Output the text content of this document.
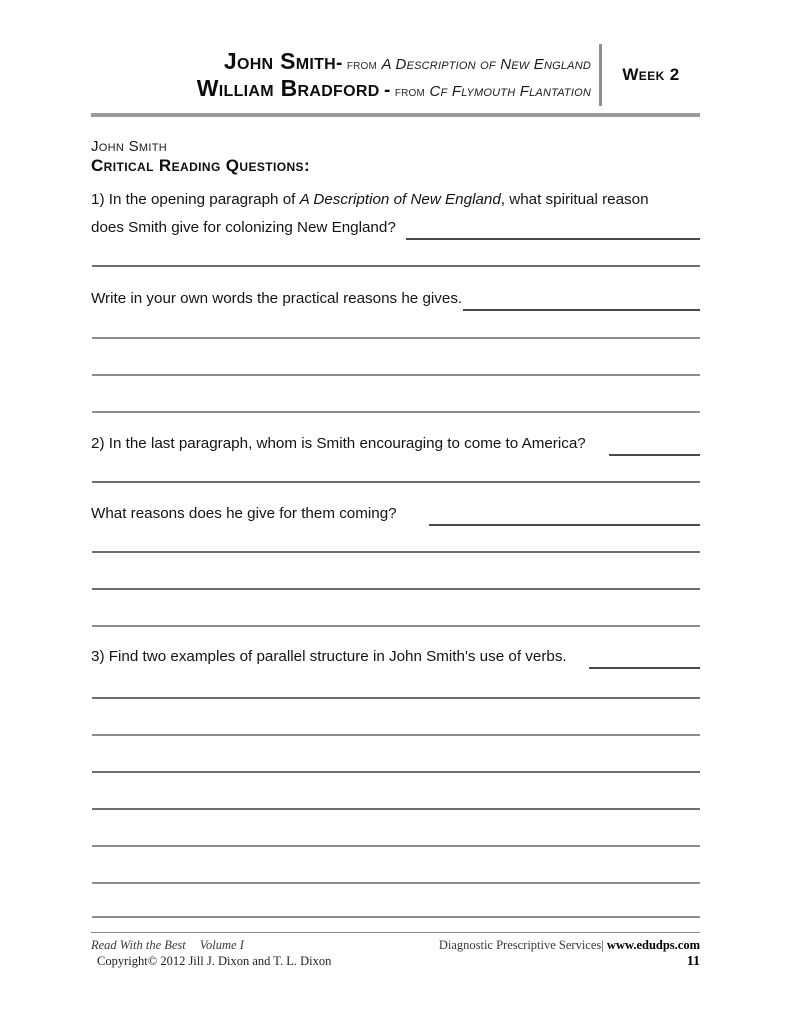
John Smith- from A Description of New England
William Bradford - from Cf Flymouth Flantation
Week 2
John Smith
Critical Reading Questions:
1) In the opening paragraph of A Description of New England, what spiritual reason
does Smith give for colonizing New England?
Write in your own words the practical reasons he gives.
2) In the last paragraph, whom is Smith encouraging to come to America?
What reasons does he give for them coming?
3) Find two examples of parallel structure in John Smith's use of verbs.
Read With the Best Volume I
Copyright© 2012 Jill J. Dixon and T. L. Dixon
Diagnostic Prescriptive Services| www.edudps.com
11
